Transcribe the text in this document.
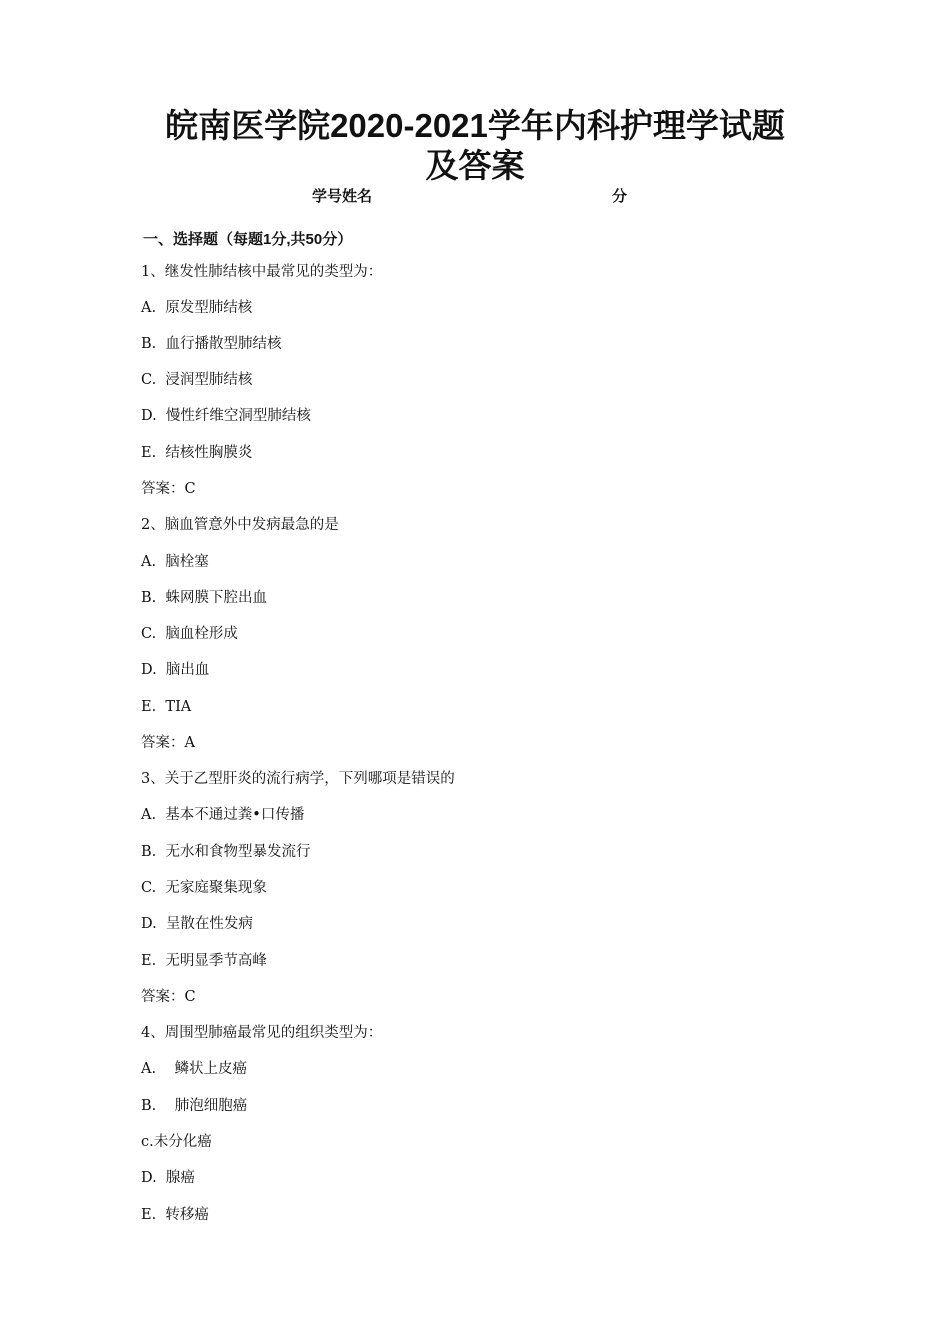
皖南医学院2020-2021学年内科护理学试题
及答案
学号姓名	分
一、选择题（每题1分,共50分）
1、继发性肺结核中最常见的类型为：
A.  原发型肺结核
B.  血行播散型肺结核
C.  浸润型肺结核
D.  慢性纤维空洞型肺结核
E.  结核性胸膜炎
答案：C
2、脑血管意外中发病最急的是
A.  脑栓塞
B.  蛛网膜下腔出血
C.  脑血栓形成
D.  脑出血
E.  TIA
答案：A
3、关于乙型肝炎的流行病学，下列哪项是错误的
A.  基本不通过粪•口传播
B.  无水和食物型暴发流行
C.  无家庭聚集现象
D.  呈散在性发病
E.  无明显季节高峰
答案：C
4、周围型肺癌最常见的组织类型为：
A.    鳞状上皮癌
B.    肺泡细胞癌
c.未分化癌
D.  腺癌
E.  转移癌
